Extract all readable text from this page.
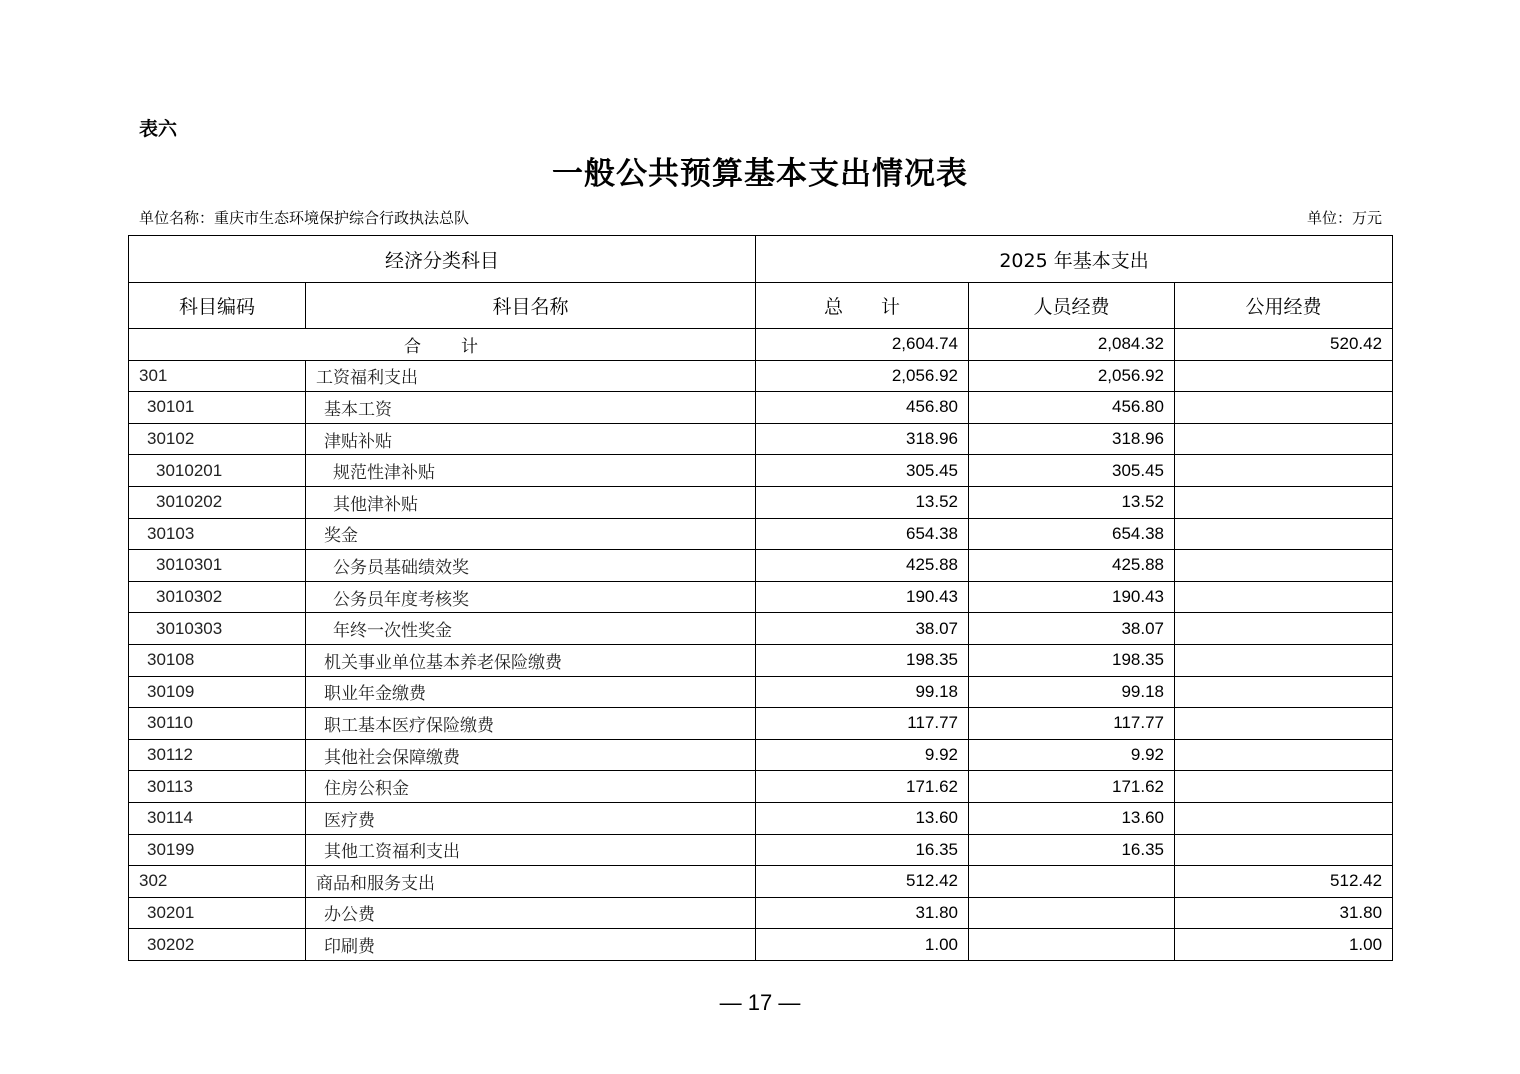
表六
一般公共预算基本支出情况表
单位名称：重庆市生态环境保护综合行政执法总队	单位：万元
经济分类科目		2025 年基本支出		
科目编码	科目名称	总　　计	人员经费	公用经费
合　　计		2,604.74	2,084.32	520.42
301	工资福利支出	2,056.92	2,056.92	
30101	基本工资	456.80	456.80	
30102	津贴补贴	318.96	318.96	
3010201	规范性津补贴	305.45	305.45	
3010202	其他津补贴	13.52	13.52	
30103	奖金	654.38	654.38	
3010301	公务员基础绩效奖	425.88	425.88	
3010302	公务员年度考核奖	190.43	190.43	
3010303	年终一次性奖金	38.07	38.07	
30108	机关事业单位基本养老保险缴费	198.35	198.35	
30109	职业年金缴费	99.18	99.18	
30110	职工基本医疗保险缴费	117.77	117.77	
30112	其他社会保障缴费	9.92	9.92	
30113	住房公积金	171.62	171.62	
30114	医疗费	13.60	13.60	
30199	其他工资福利支出	16.35	16.35	
302	商品和服务支出	512.42		512.42
30201	办公费	31.80		31.80
30202	印刷费	1.00		1.00
— 17 —
